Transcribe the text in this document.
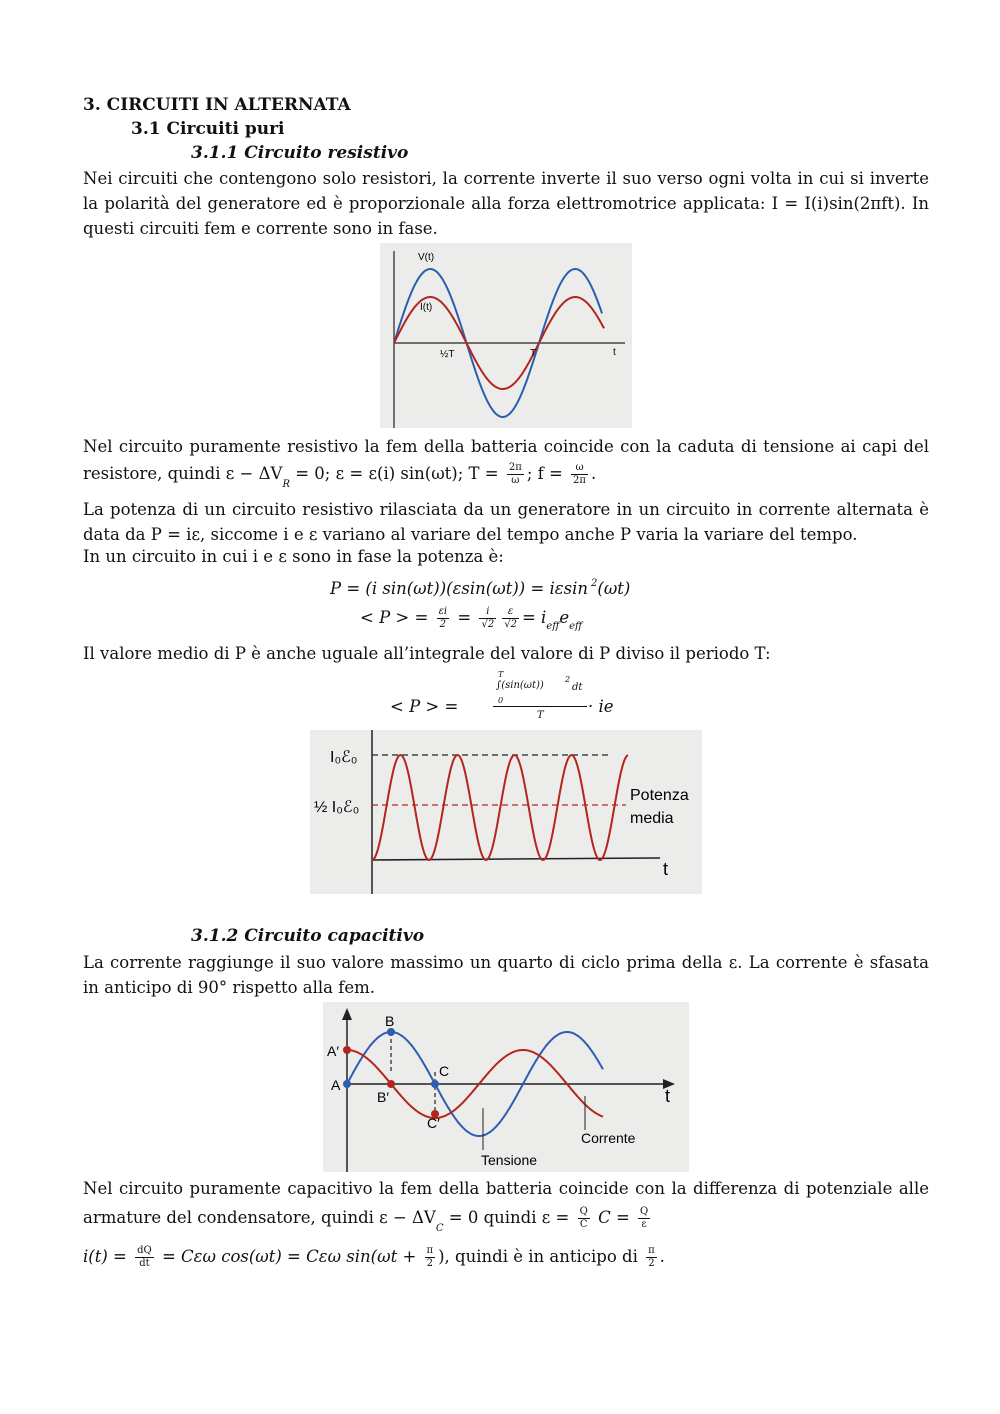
3. CIRCUITI IN ALTERNATA
3.1 Circuiti puri
3.1.1 Circuito resistivo
Nei circuiti che contengono solo resistori, la corrente inverte il suo verso ogni volta in cui si inverte la polarità del generatore ed è proporzionale alla forza elettromotrice applicata: I = I(i)sin(2πft). In questi circuiti fem e corrente sono in fase.
V(t)
I(t)
½T	T	t
Nel circuito puramente resistivo la fem della batteria coincide con la caduta di tensione ai capi del
resistore, quindi $\varepsilon - \Delta V_R = 0$; ε = ε(i) sin(ωt); $T = \frac{2\pi}{\omega}$ ; $f = \frac{\omega}{2\pi}$ .
La potenza di un circuito resistivo rilasciata da un generatore in un circuito in corrente alternata è data da P = iε, siccome i e ε variano al variare del tempo anche P varia la variare del tempo.
In un circuito in cui i e ε sono in fase la potenza è:
P = (i sin(ωt))(εsin(ωt)) = iεsin $^2$(ωt)
< P > = $\frac{\varepsilon i}{2} = \frac{i}{√2} \frac{\varepsilon}{√2} = i_{eff}e_{eff}$
Il valore medio di P è anche uguale all’integrale del valore di P diviso il periodo T:
< P > =
T
∫(sin(ωt))
2
dt
0
T	· ie
I₀ℰ₀
½ I₀ℰ₀
Potenza
media
t
3.1.2 Circuito capacitivo
La corrente raggiunge il suo valore massimo un quarto di ciclo prima della ε. La corrente è sfasata in anticipo di 90° rispetto alla fem.
B
A′
A
B′
C
C′
t
Corrente
Tensione
Nel circuito puramente capacitivo la fem della batteria coincide con la differenza di potenziale alle
armature del condensatore, quindi $\varepsilon - \Delta V_C = 0$ quindi $\varepsilon = \frac{Q}{C}$ $C = \frac{Q}{\varepsilon}$
$i(t) = \frac{dQ}{dt} = C\varepsilon\omega$ cos(ωt) = Cεω $\sin(\omega t + \frac{\pi}{2}$ ), quindi è in anticipo di $\frac{\pi}{2}$ .
